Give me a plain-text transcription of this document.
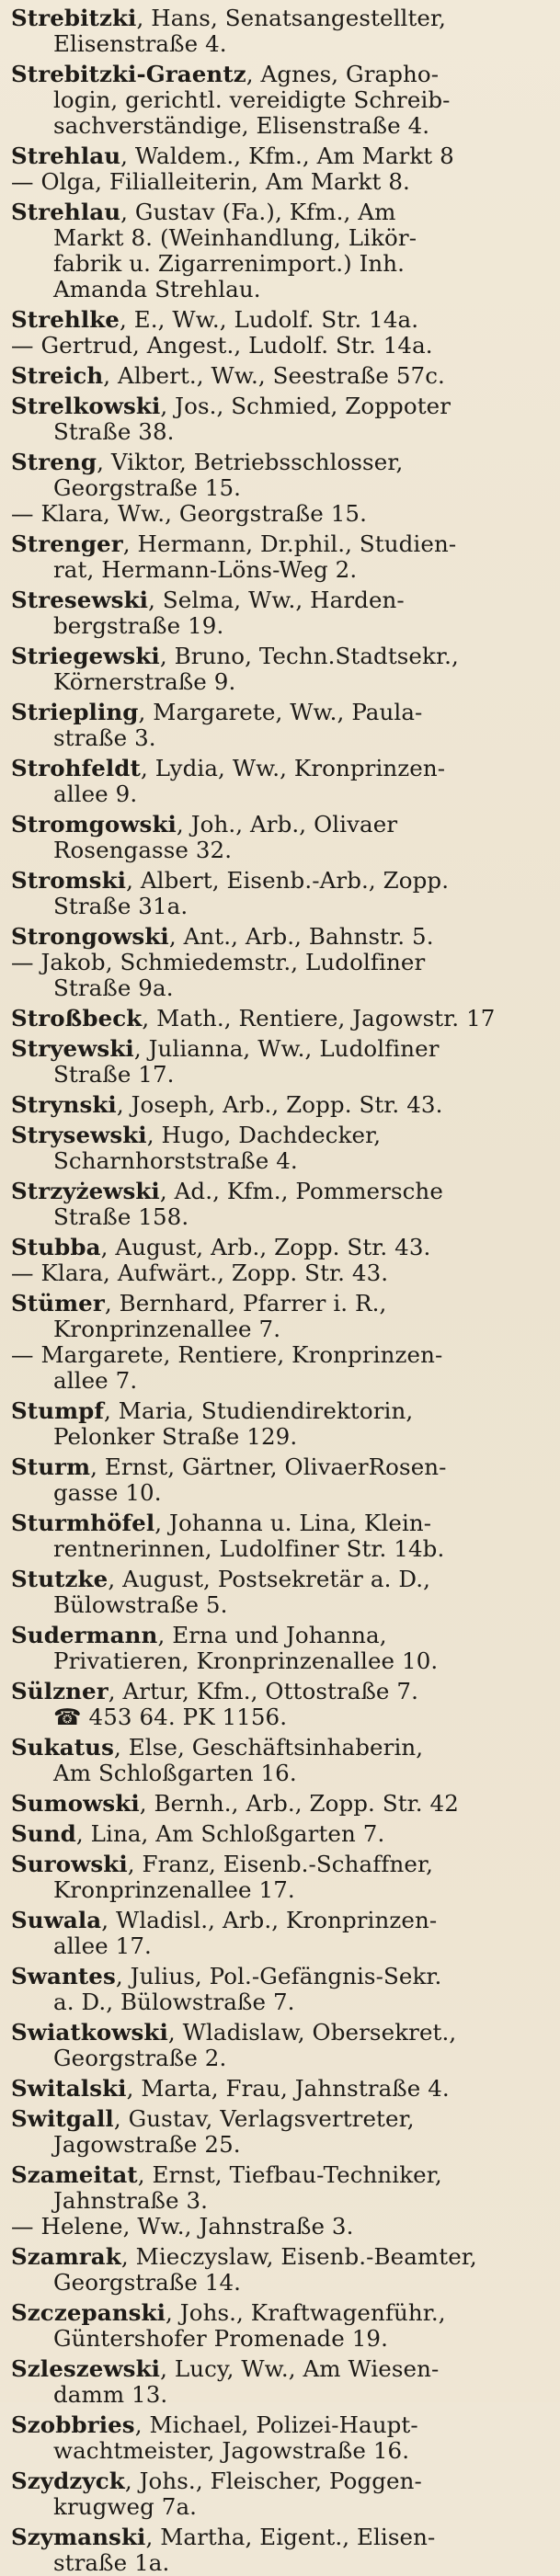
Strebitzki, Hans, Senatsangestellter,
Elisenstraße 4.
Strebitzki-Graentz, Agnes, Grapho-
login, gerichtl. vereidigte Schreib-
sachverständige, Elisenstraße 4.
Strehlau, Waldem., Kfm., Am Markt 8
— Olga, Filialleiterin, Am Markt 8.
Strehlau, Gustav (Fa.), Kfm., Am
Markt 8. (Weinhandlung, Likör-
fabrik u. Zigarrenimport.) Inh.
Amanda Strehlau.
Strehlke, E., Ww., Ludolf. Str. 14a.
— Gertrud, Angest., Ludolf. Str. 14a.
Streich, Albert., Ww., Seestraße 57c.
Strelkowski, Jos., Schmied, Zoppoter
Straße 38.
Streng, Viktor, Betriebsschlosser,
Georgstraße 15.
— Klara, Ww., Georgstraße 15.
Strenger, Hermann, Dr.phil., Studien-
rat, Hermann-Löns-Weg 2.
Stresewski, Selma, Ww., Harden-
bergstraße 19.
Striegewski, Bruno, Techn.Stadtsekr.,
Körnerstraße 9.
Striepling, Margarete, Ww., Paula-
straße 3.
Strohfeldt, Lydia, Ww., Kronprinzen-
allee 9.
Stromgowski, Joh., Arb., Olivaer
Rosengasse 32.
Stromski, Albert, Eisenb.-Arb., Zopp.
Straße 31a.
Strongowski, Ant., Arb., Bahnstr. 5.
— Jakob, Schmiedemstr., Ludolfiner
Straße 9a.
Stroßbeck, Math., Rentiere, Jagowstr. 17
Stryewski, Julianna, Ww., Ludolfiner
Straße 17.
Strynski, Joseph, Arb., Zopp. Str. 43.
Strysewski, Hugo, Dachdecker,
Scharnhorststraße 4.
Strzyżewski, Ad., Kfm., Pommersche
Straße 158.
Stubba, August, Arb., Zopp. Str. 43.
— Klara, Aufwärt., Zopp. Str. 43.
Stümer, Bernhard, Pfarrer i. R.,
Kronprinzenallee 7.
— Margarete, Rentiere, Kronprinzen-
allee 7.
Stumpf, Maria, Studiendirektorin,
Pelonker Straße 129.
Sturm, Ernst, Gärtner, OlivaerRosen-
gasse 10.
Sturmhöfel, Johanna u. Lina, Klein-
rentnerinnen, Ludolfiner Str. 14b.
Stutzke, August, Postsekretär a. D.,
Bülowstraße 5.
Sudermann, Erna und Johanna,
Privatieren, Kronprinzenallee 10.
Sülzner, Artur, Kfm., Ottostraße 7.
☎ 453 64. PK 1156.
Sukatus, Else, Geschäftsinhaberin,
Am Schloßgarten 16.
Sumowski, Bernh., Arb., Zopp. Str. 42
Sund, Lina, Am Schloßgarten 7.
Surowski, Franz, Eisenb.-Schaffner,
Kronprinzenallee 17.
Suwala, Wladisl., Arb., Kronprinzen-
allee 17.
Swantes, Julius, Pol.-Gefängnis-Sekr.
a. D., Bülowstraße 7.
Swiatkowski, Wladislaw, Obersekret.,
Georgstraße 2.
Switalski, Marta, Frau, Jahnstraße 4.
Switgall, Gustav, Verlagsvertreter,
Jagowstraße 25.
Szameitat, Ernst, Tiefbau-Techniker,
Jahnstraße 3.
— Helene, Ww., Jahnstraße 3.
Szamrak, Mieczyslaw, Eisenb.-Beamter,
Georgstraße 14.
Szczepanski, Johs., Kraftwagenführ.,
Güntershofer Promenade 19.
Szleszewski, Lucy, Ww., Am Wiesen-
damm 13.
Szobbries, Michael, Polizei-Haupt-
wachtmeister, Jagowstraße 16.
Szydzyck, Johs., Fleischer, Poggen-
krugweg 7a.
Szymanski, Martha, Eigent., Elisen-
straße 1a.
